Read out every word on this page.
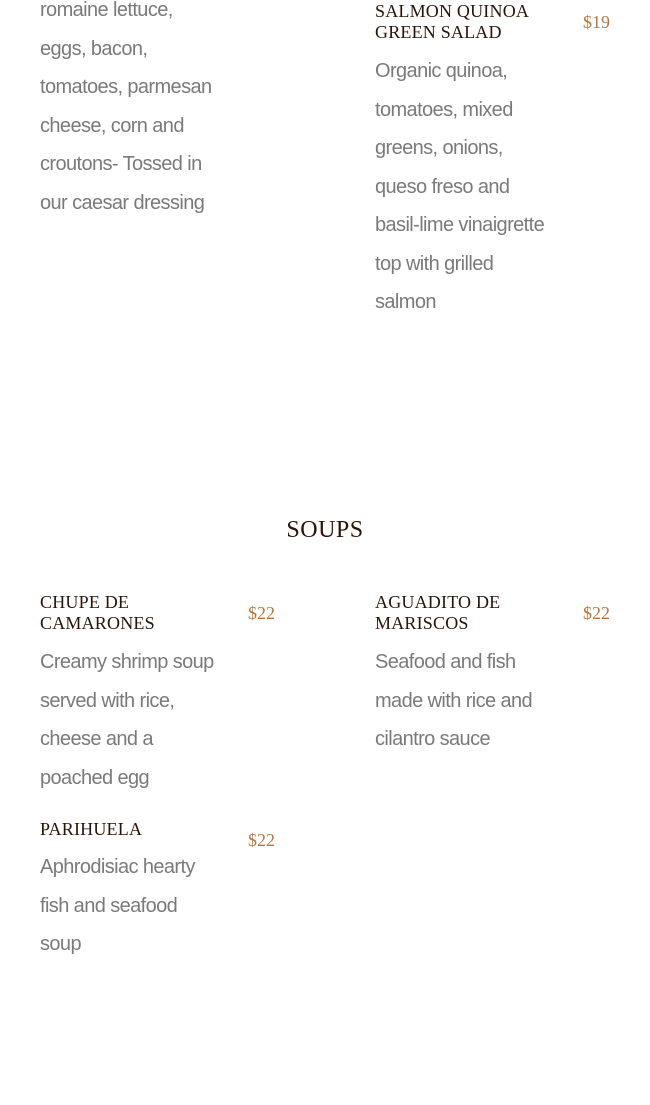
romaine lettuce, eggs, bacon, tomatoes, parmesan cheese, corn and croutons- Tossed in our caesar dressing
SALMON QUINOA GREEN SALAD	$19
Organic quinoa, tomatoes, mixed greens, onions, queso freso and basil-lime vinaigrette top with grilled salmon
SOUPS
CHUPE DE CAMARONES	$22
Creamy shrimp soup served with rice, cheese and a poached egg
AGUADITO DE MARISCOS	$22
Seafood and fish made with rice and cilantro sauce
PARIHUELA
$22
Aphrodisiac hearty fish and seafood soup
